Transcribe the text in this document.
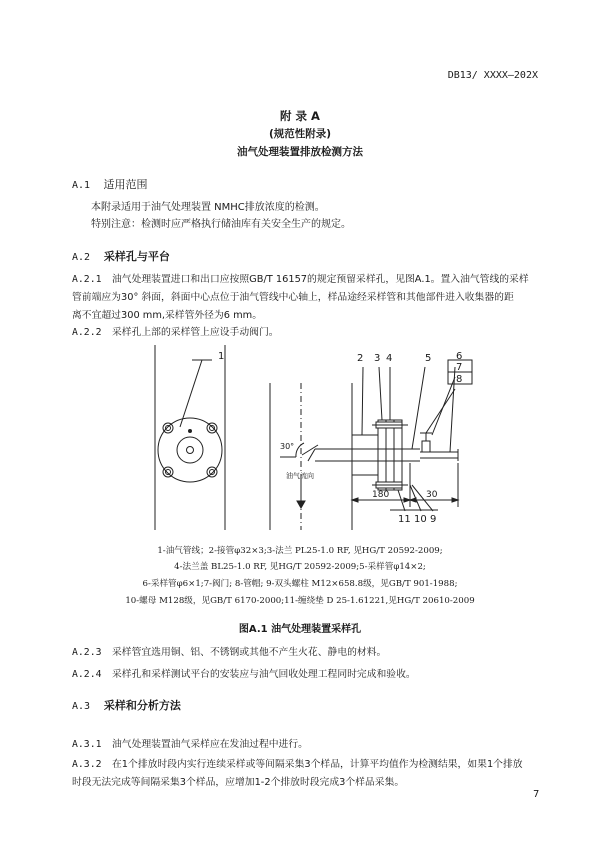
DB13/ XXXX—202X
附 录 A
(规范性附录)
油气处理装置排放检测方法
A.1 适用范围
本附录适用于油气处理装置 NMHC排放浓度的检测。
特别注意：检测时应严格执行储油库有关安全生产的规定。
A.2 采样孔与平台
A.2.1 油气处理装置进口和出口应按照GB/T 16157的规定预留采样孔，见图A.1。置入油气管线的采样
管前端应为30° 斜面，斜面中心点位于油气管线中心轴上，样品途经采样管和其他部件进入收集器的距
离不宜超过300 mm,采样管外径为6 mm。
A.2.2 采样孔上部的采样管上应设手动阀门。
1	2 3 4	5 6
7
8
11 10 9
30°
油气流向
180	30
1-油气管线；2-接管φ32×3;3-法兰 PL25-1.0 RF, 见HG/T 20592-2009;
4-法兰盖 BL25-1.0 RF, 见HG/T 20592-2009;5-采样管φ14×2;
6-采样管φ6×1;7-阀门; 8-管帽; 9-双头螺柱 M12×658.8级，见GB/T 901-1988;
10-螺母 M128级，见GB/T 6170-2000;11-缠绕垫 D 25-1.61221,见HG/T 20610-2009
图A.1 油气处理装置采样孔
A.2.3 采样管宜选用铜、铝、不锈钢或其他不产生火花、静电的材料。
A.2.4 采样孔和采样测试平台的安装应与油气回收处理工程同时完成和验收。
A.3 采样和分析方法
A.3.1 油气处理装置油气采样应在发油过程中进行。
A.3.2 在1个排放时段内实行连续采样或等间隔采集3个样品，计算平均值作为检测结果，如果1个排放
时段无法完成等间隔采集3个样品，应增加1-2个排放时段完成3个样品采集。
7
